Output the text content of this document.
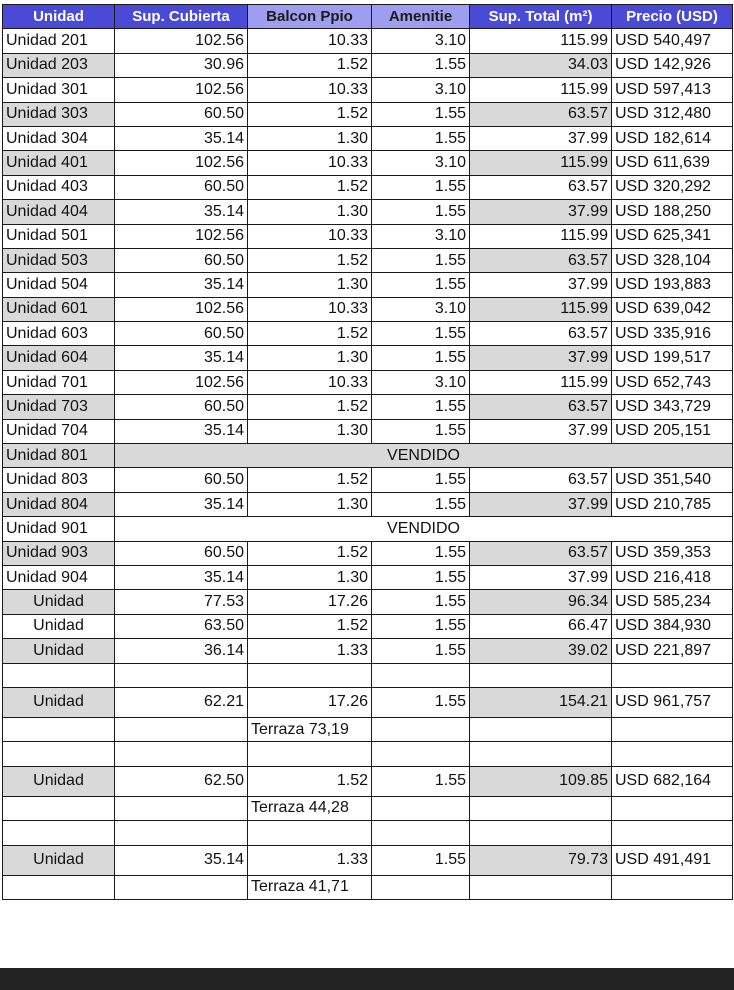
Unidad	Sup. Cubierta	Balcon Ppio	Amenitie	Sup. Total (m²)	Precio (USD)
Unidad 201	102.56	10.33	3.10	115.99	USD 540,497
Unidad 203	30.96	1.52	1.55	34.03	USD 142,926
Unidad 301	102.56	10.33	3.10	115.99	USD 597,413
Unidad 303	60.50	1.52	1.55	63.57	USD 312,480
Unidad 304	35.14	1.30	1.55	37.99	USD 182,614
Unidad 401	102.56	10.33	3.10	115.99	USD 611,639
Unidad 403	60.50	1.52	1.55	63.57	USD 320,292
Unidad 404	35.14	1.30	1.55	37.99	USD 188,250
Unidad 501	102.56	10.33	3.10	115.99	USD 625,341
Unidad 503	60.50	1.52	1.55	63.57	USD 328,104
Unidad 504	35.14	1.30	1.55	37.99	USD 193,883
Unidad 601	102.56	10.33	3.10	115.99	USD 639,042
Unidad 603	60.50	1.52	1.55	63.57	USD 335,916
Unidad 604	35.14	1.30	1.55	37.99	USD 199,517
Unidad 701	102.56	10.33	3.10	115.99	USD 652,743
Unidad 703	60.50	1.52	1.55	63.57	USD 343,729
Unidad 704	35.14	1.30	1.55	37.99	USD 205,151
Unidad 801	VENDIDO				
Unidad 803	60.50	1.52	1.55	63.57	USD 351,540
Unidad 804	35.14	1.30	1.55	37.99	USD 210,785
Unidad 901	VENDIDO				
Unidad 903	60.50	1.52	1.55	63.57	USD 359,353
Unidad 904	35.14	1.30	1.55	37.99	USD 216,418
Unidad	77.53	17.26	1.55	96.34	USD 585,234
Unidad	63.50	1.52	1.55	66.47	USD 384,930
Unidad	36.14	1.33	1.55	39.02	USD 221,897

Unidad	62.21	17.26	1.55	154.21	USD 961,757
		Terraza 73,19			

Unidad	62.50	1.52	1.55	109.85	USD 682,164
		Terraza 44,28			

Unidad	35.14	1.33	1.55	79.73	USD 491,491
		Terraza 41,71			
